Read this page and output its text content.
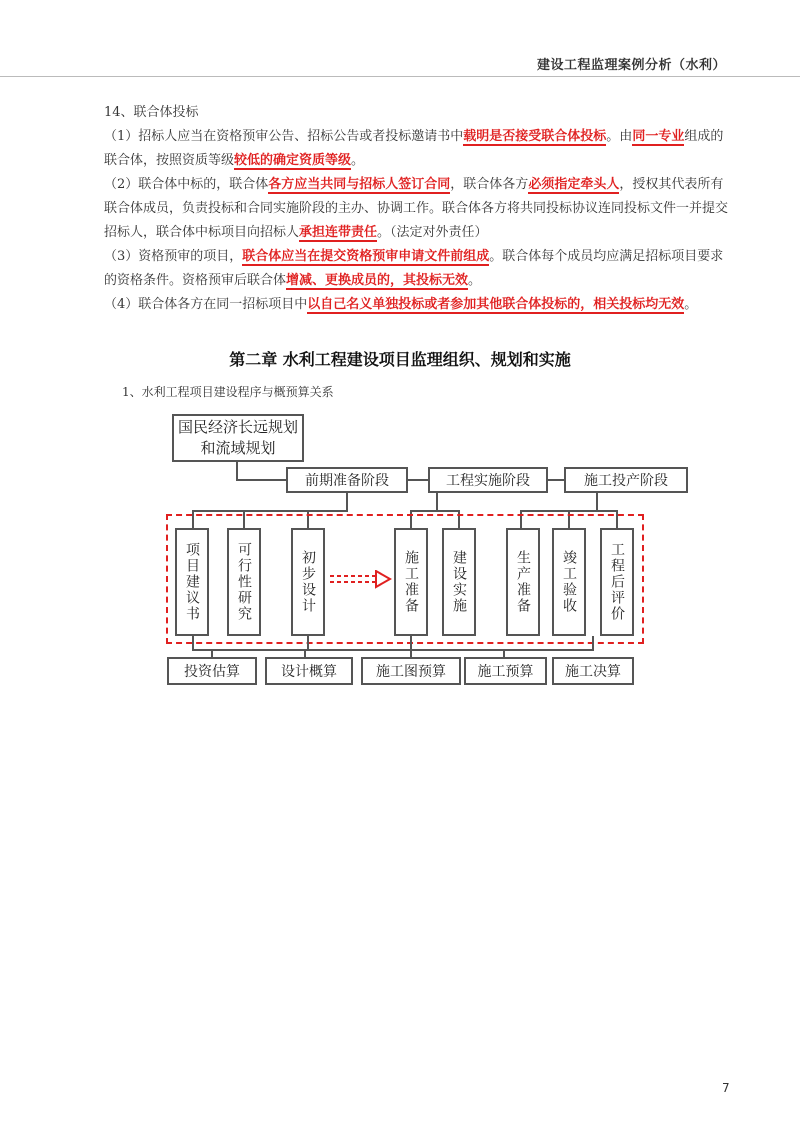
建设工程监理案例分析（水利）
14、联合体投标
（1）招标人应当在资格预审公告、招标公告或者投标邀请书中载明是否接受联合体投标。由同一专业组成的联合体，按照资质等级较低的确定资质等级。
（2）联合体中标的，联合体各方应当共同与招标人签订合同，联合体各方必须指定牵头人，授权其代表所有联合体成员，负责投标和合同实施阶段的主办、协调工作。联合体各方将共同投标协议连同投标文件一并提交招标人，联合体中标项目向招标人承担连带责任。（法定对外责任）
（3）资格预审的项目，联合体应当在提交资格预审申请文件前组成。联合体每个成员均应满足招标项目要求的资格条件。资格预审后联合体增减、更换成员的，其投标无效。
（4）联合体各方在同一招标项目中以自己名义单独投标或者参加其他联合体投标的，相关投标均无效。
第二章 水利工程建设项目监理组织、规划和实施
1、水利工程项目建设程序与概预算关系
国民经济长远规划和流域规划
前期准备阶段	工程实施阶段	施工投产阶段
项目建议书	可行性研究	初步设计	施工准备 建设实施	生产准备 竣工验收 工程后评价
投资估算	设计概算	施工图预算	施工预算	施工决算
7
